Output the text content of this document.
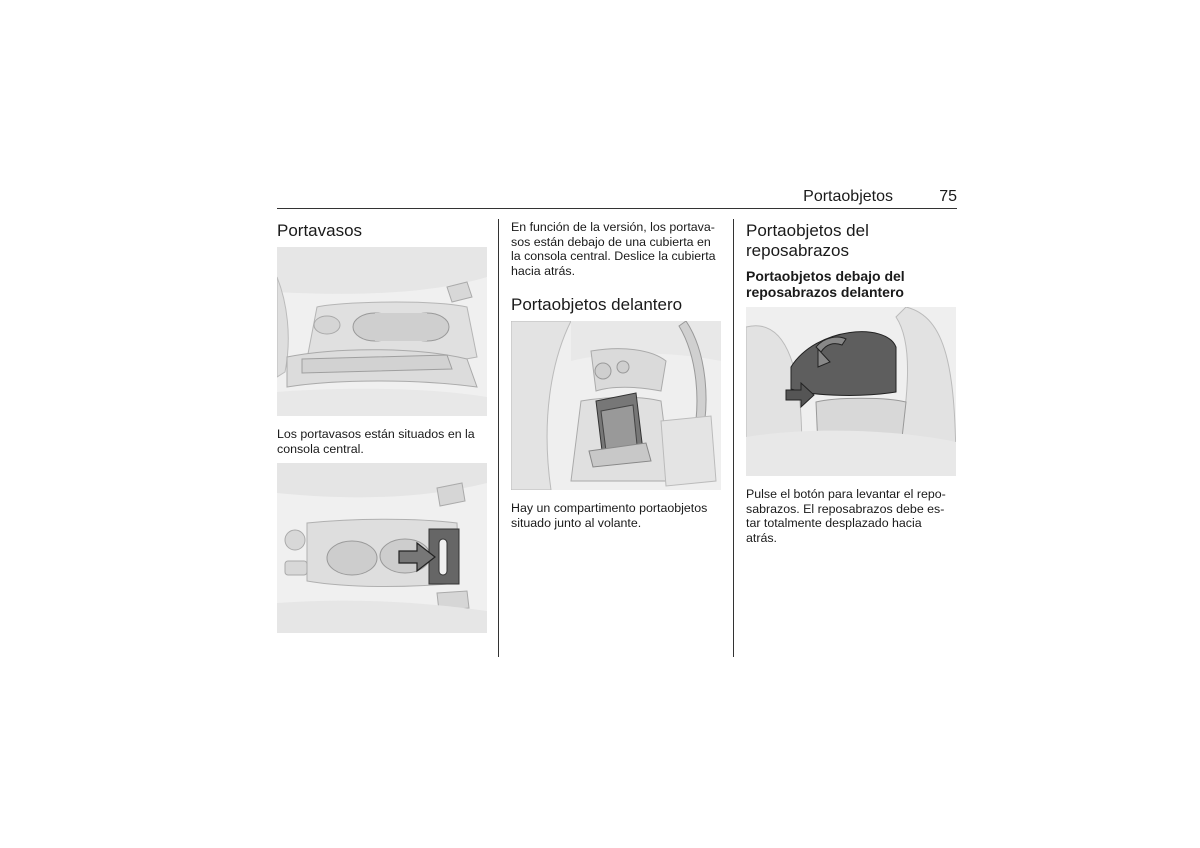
Portaobjetos	75
Portavasos

Los portavasos están situados en la
consola central.

En función de la versión, los portava-
sos están debajo de una cubierta en
la consola central. Deslice la cubierta
hacia atrás.

Portaobjetos delantero

Hay un compartimento portaobjetos
situado junto al volante.

Portaobjetos del
reposabrazos
Portaobjetos debajo del
reposabrazos delantero

Pulse el botón para levantar el repo-
sabrazos. El reposabrazos debe es-
tar totalmente desplazado hacia
atrás.
